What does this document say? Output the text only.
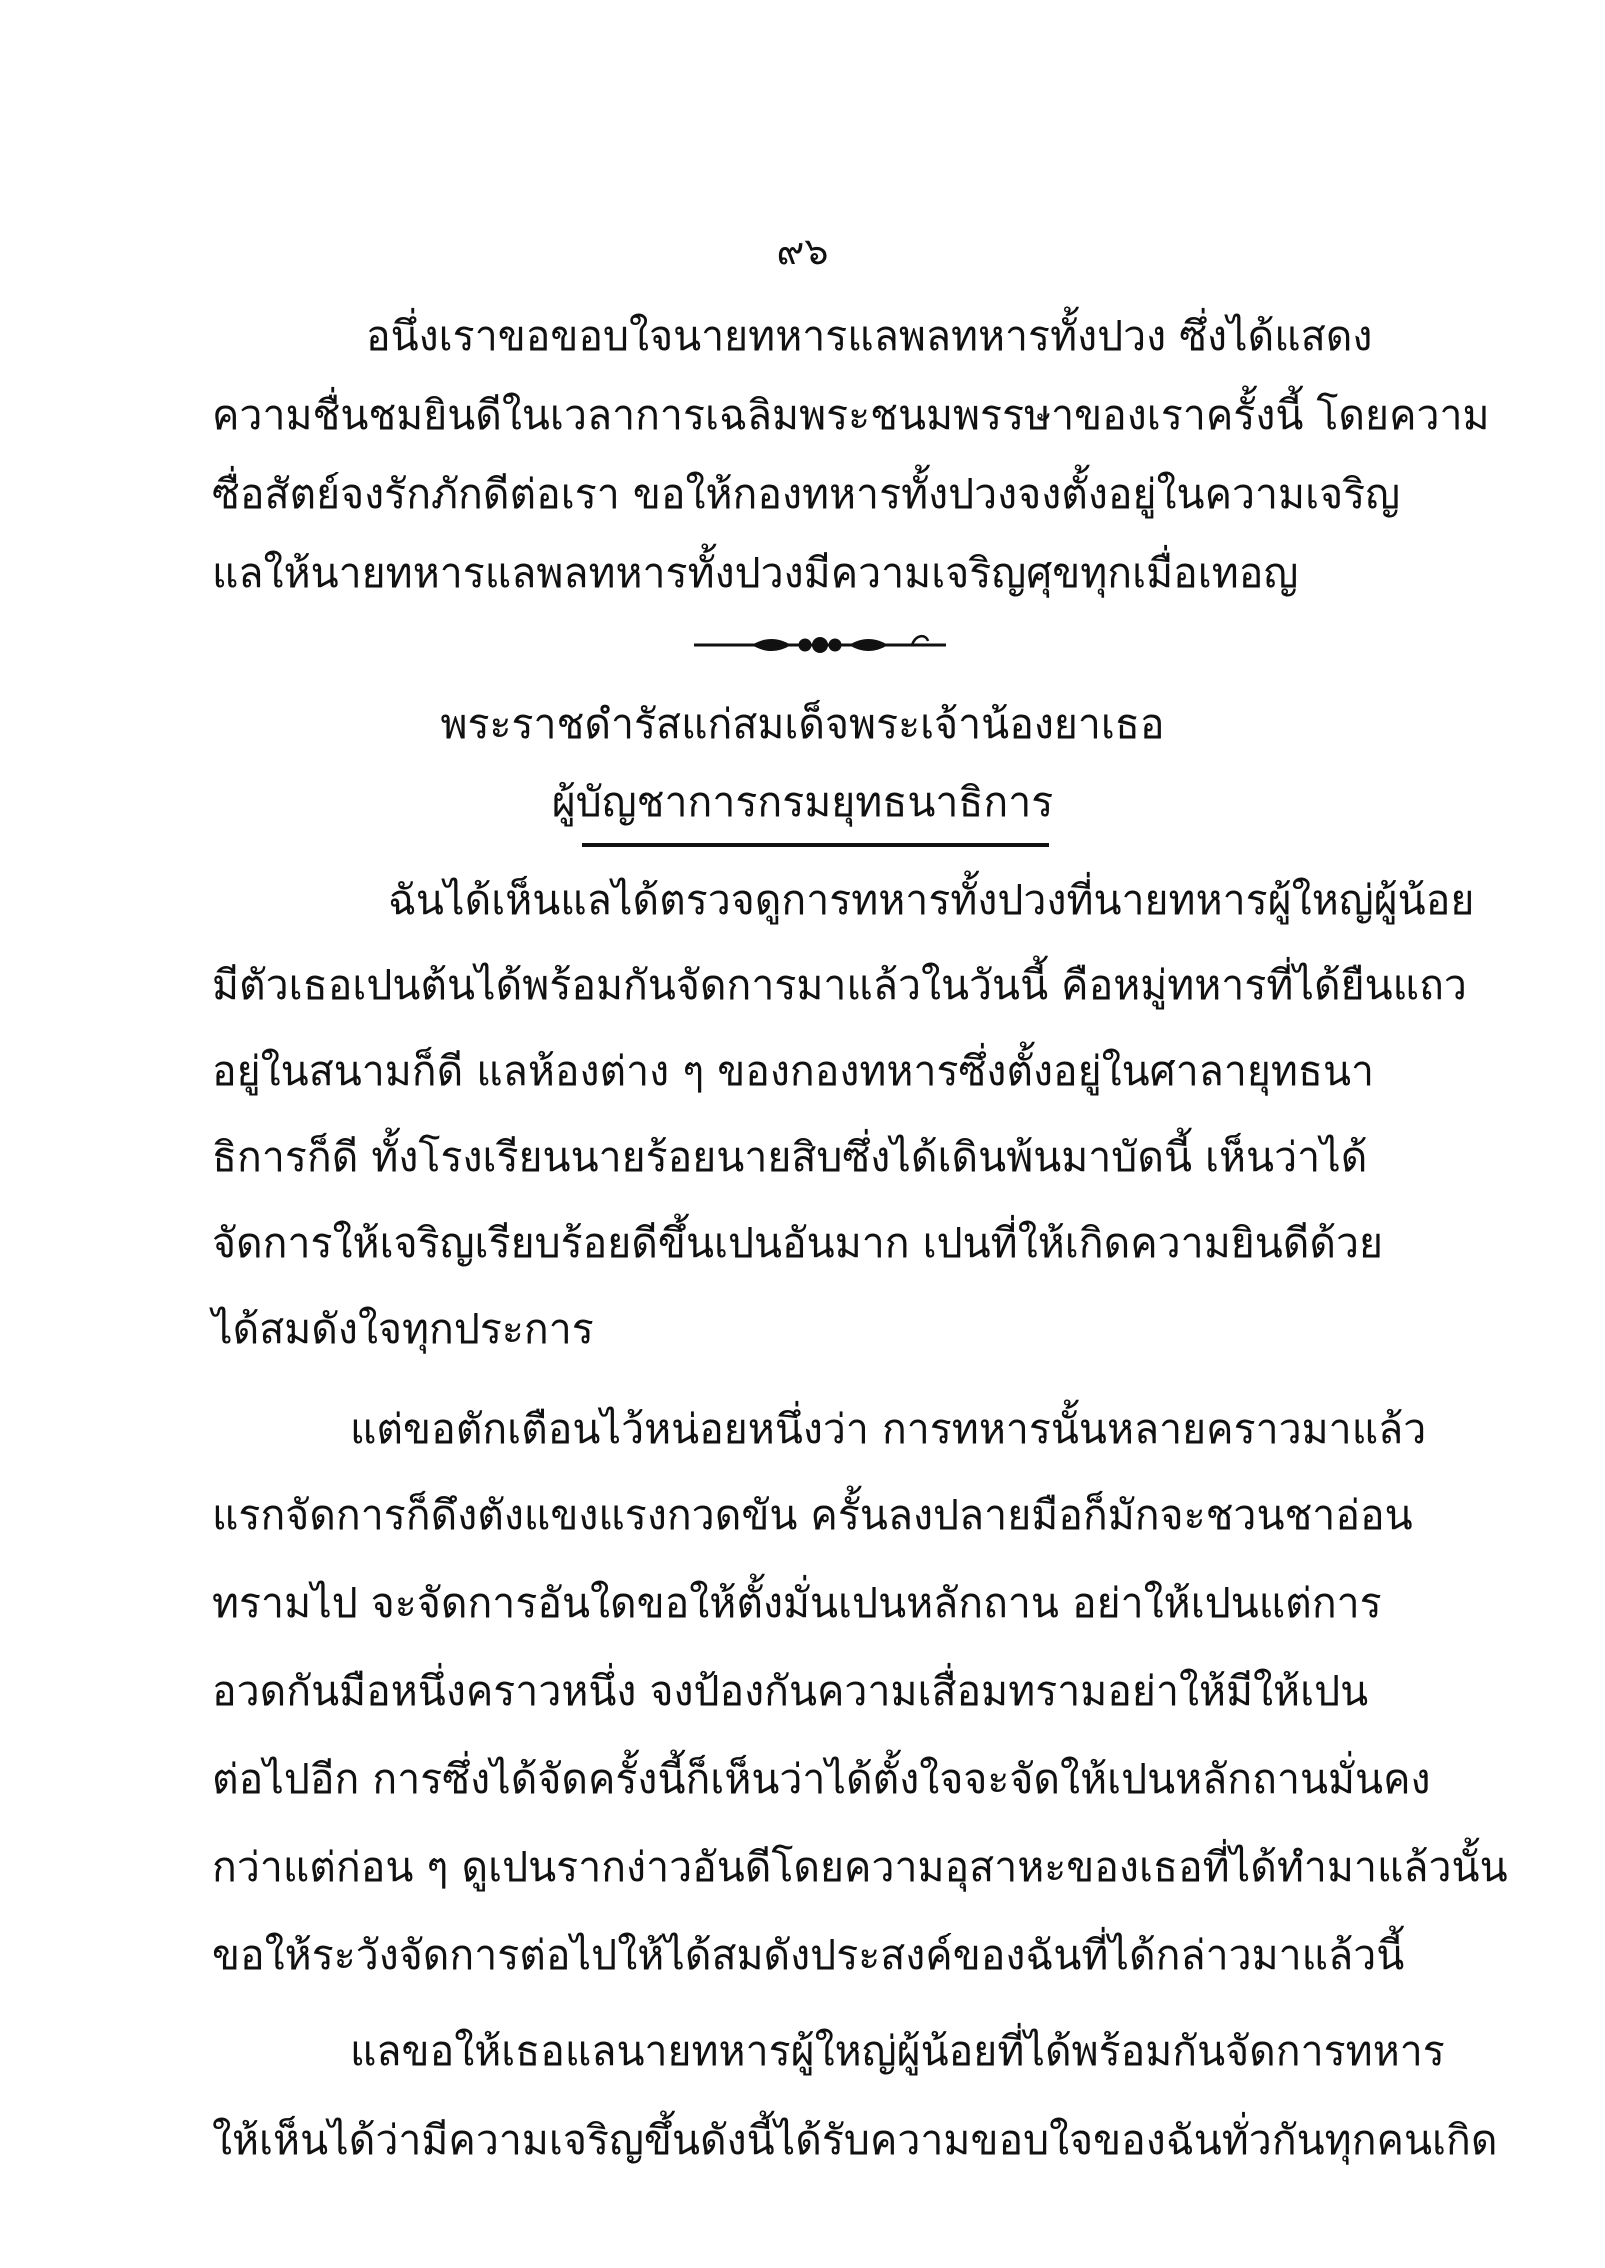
๙๖
อนึ่งเราขอขอบใจนายทหารแลพลทหารทั้งปวง ซึ่งได้แสดง
ความชื่นชมยินดีในเวลาการเฉลิมพระชนมพรรษาของเราครั้งนี้ โดยความ
ซื่อสัตย์จงรักภักดีต่อเรา ขอให้กองทหารทั้งปวงจงตั้งอยู่ในความเจริญ
แลให้นายทหารแลพลทหารทั้งปวงมีความเจริญศุขทุกเมื่อเทอญ
พระราชดำรัสแก่สมเด็จพระเจ้าน้องยาเธอ
ผู้บัญชาการกรมยุทธนาธิการ
ฉันได้เห็นแลได้ตรวจดูการทหารทั้งปวงที่นายทหารผู้ใหญ่ผู้น้อย
มีตัวเธอเปนต้นได้พร้อมกันจัดการมาแล้วในวันนี้ คือหมู่ทหารที่ได้ยืนแถว
อยู่ในสนามก็ดี แลห้องต่าง ๆ ของกองทหารซึ่งตั้งอยู่ในศาลายุทธนา
ธิการก็ดี ทั้งโรงเรียนนายร้อยนายสิบซึ่งได้เดินพ้นมาบัดนี้ เห็นว่าได้
จัดการให้เจริญเรียบร้อยดีขึ้นเปนอันมาก เปนที่ให้เกิดความยินดีด้วย
ได้สมดังใจทุกประการ
แต่ขอตักเตือนไว้หน่อยหนึ่งว่า การทหารนั้นหลายคราวมาแล้ว
แรกจัดการก็ดึงตังแขงแรงกวดขัน ครั้นลงปลายมือก็มักจะชวนชาอ่อน
ทรามไป จะจัดการอันใดขอให้ตั้งมั่นเปนหลักถาน อย่าให้เปนแต่การ
อวดกันมือหนึ่งคราวหนึ่ง จงป้องกันความเสื่อมทรามอย่าให้มีให้เปน
ต่อไปอีก การซึ่งได้จัดครั้งนี้ก็เห็นว่าได้ตั้งใจจะจัดให้เปนหลักถานมั่นคง
กว่าแต่ก่อน ๆ ดูเปนรากง่าวอันดีโดยความอุสาหะของเธอที่ได้ทำมาแล้วนั้น
ขอให้ระวังจัดการต่อไปให้ได้สมดังประสงค์ของฉันที่ได้กล่าวมาแล้วนี้
แลขอให้เธอแลนายทหารผู้ใหญ่ผู้น้อยที่ได้พร้อมกันจัดการทหาร
ให้เห็นได้ว่ามีความเจริญขึ้นดังนี้ได้รับความขอบใจของฉันทั่วกันทุกคนเกิด
